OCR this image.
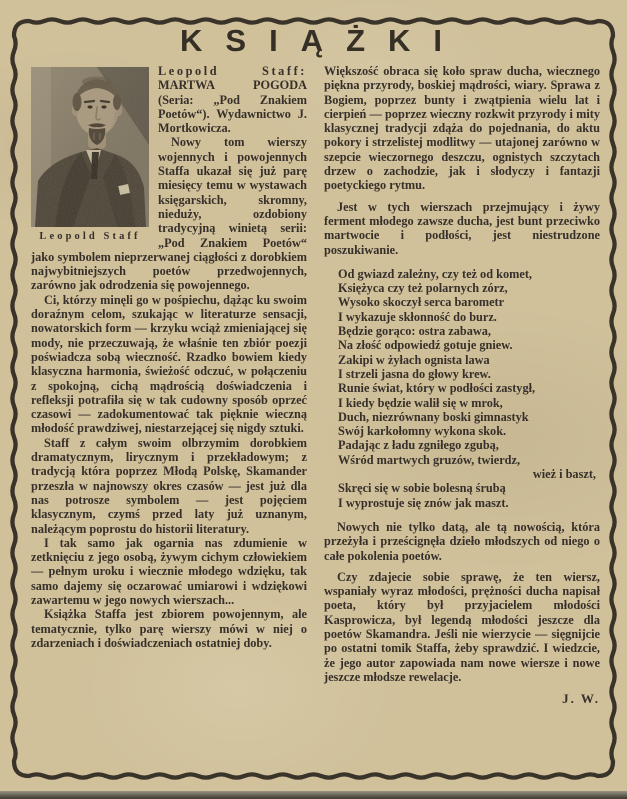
KSIĄŻKI
Leopold Staff

Leopold Staff: MARTWA POGODA (Seria: „Pod Znakiem Poetów“). Wydawnictwo J. Mortkowicza.

Nowy tom wierszy wojennych i powojennych Staffa ukazał się już parę miesięcy temu w wystawach księgarskich, skromny, nieduży, ozdobiony tradycyjną winietą serii: „Pod Znakiem Poetów“ jako symbolem nieprzerwanej ciągłości z dorobkiem najwybitniejszych poetów przedwojennych, zarówno jak odrodzenia się powojennego.

Ci, którzy minęli go w pośpiechu, dążąc ku swoim doraźnym celom, szukając w literaturze sensacji, nowatorskich form — krzyku wciąż zmieniającej się mody, nie przeczuwają, że właśnie ten zbiór poezji poświadcza sobą wieczność. Rzadko bowiem kiedy klasyczna harmonia, świeżość odczuć, w połączeniu z spokojną, cichą mądrością doświadczenia i refleksji potrafiła się w tak cudowny sposób oprzeć czasowi — zadokumentować tak pięknie wieczną młodość prawdziwej, niestarzejącej się nigdy sztuki.

Staff z całym swoim olbrzymim dorobkiem dramatycznym, lirycznym i przekładowym; z tradycją która poprzez Młodą Polskę, Skamander przeszła w najnowszy okres czasów — jest już dla nas potrosze symbolem — jest pojęciem klasycznym, czymś przed laty już uznanym, należącym poprostu do historii literatury.

I tak samo jak ogarnia nas zdumienie w zetknięciu z jego osobą, żywym cichym człowiekiem — pełnym uroku i wiecznie młodego wdzięku, tak samo dajemy się oczarować umiarowi i wdziękowi zawartemu w jego nowych wierszach...

Książka Staffa jest zbiorem powojennym, ale tematycznie, tylko parę wierszy mówi w niej o zdarzeniach i doświadczeniach ostatniej doby.

Większość obraca się koło spraw ducha, wiecznego piękna przyrody, boskiej mądrości, wiary. Sprawa z Bogiem, poprzez bunty i zwątpienia wielu lat i cierpień — poprzez wieczny rozkwit przyrody i mity klasycznej tradycji zdąża do pojednania, do aktu pokory i strzelistej modlitwy — utajonej zarówno w szepcie wieczornego deszczu, ognistych szczytach drzew o zachodzie, jak i słodyczy i fantazji poetyckiego rytmu.

Jest w tych wierszach przejmujący i żywy ferment młodego zawsze ducha, jest bunt przeciwko martwocie i podłości, jest niestrudzone poszukiwanie.

Od gwiazd zależny, czy też od komet,
Księżyca czy też polarnych zórz,
Wysoko skoczył serca barometr
I wykazuje skłonność do burz.
Będzie gorąco: ostra zabawa,
Na złość odpowiedź gotuje gniew.
Zakipi w żyłach ognista lawa
I strzeli jasna do głowy krew.
Runie świat, który w podłości zastygł,
I kiedy będzie walił się w mrok,
Duch, niezrównany boski gimnastyk
Swój karkołomny wykona skok.
Padając z ładu zgniłego zgubą,
Wśród martwych gruzów, twierdz,
wież i baszt,
Skręci się w sobie bolesną śrubą
I wyprostuje się znów jak maszt.

Nowych nie tylko datą, ale tą nowością, która przeżyła i prześcignęła dzieło młodszych od niego o całe pokolenia poetów.

Czy zdajecie sobie sprawę, że ten wiersz, wspaniały wyraz młodości, prężności ducha napisał poeta, który był przyjacielem młodości Kasprowicza, był legendą młodości jeszcze dla poetów Skamandra. Jeśli nie wierzycie — sięgnijcie po ostatni tomik Staffa, żeby sprawdzić. I wiedzcie, że jego autor zapowiada nam nowe wiersze i nowe jeszcze młodsze rewelacje.

J. W.
